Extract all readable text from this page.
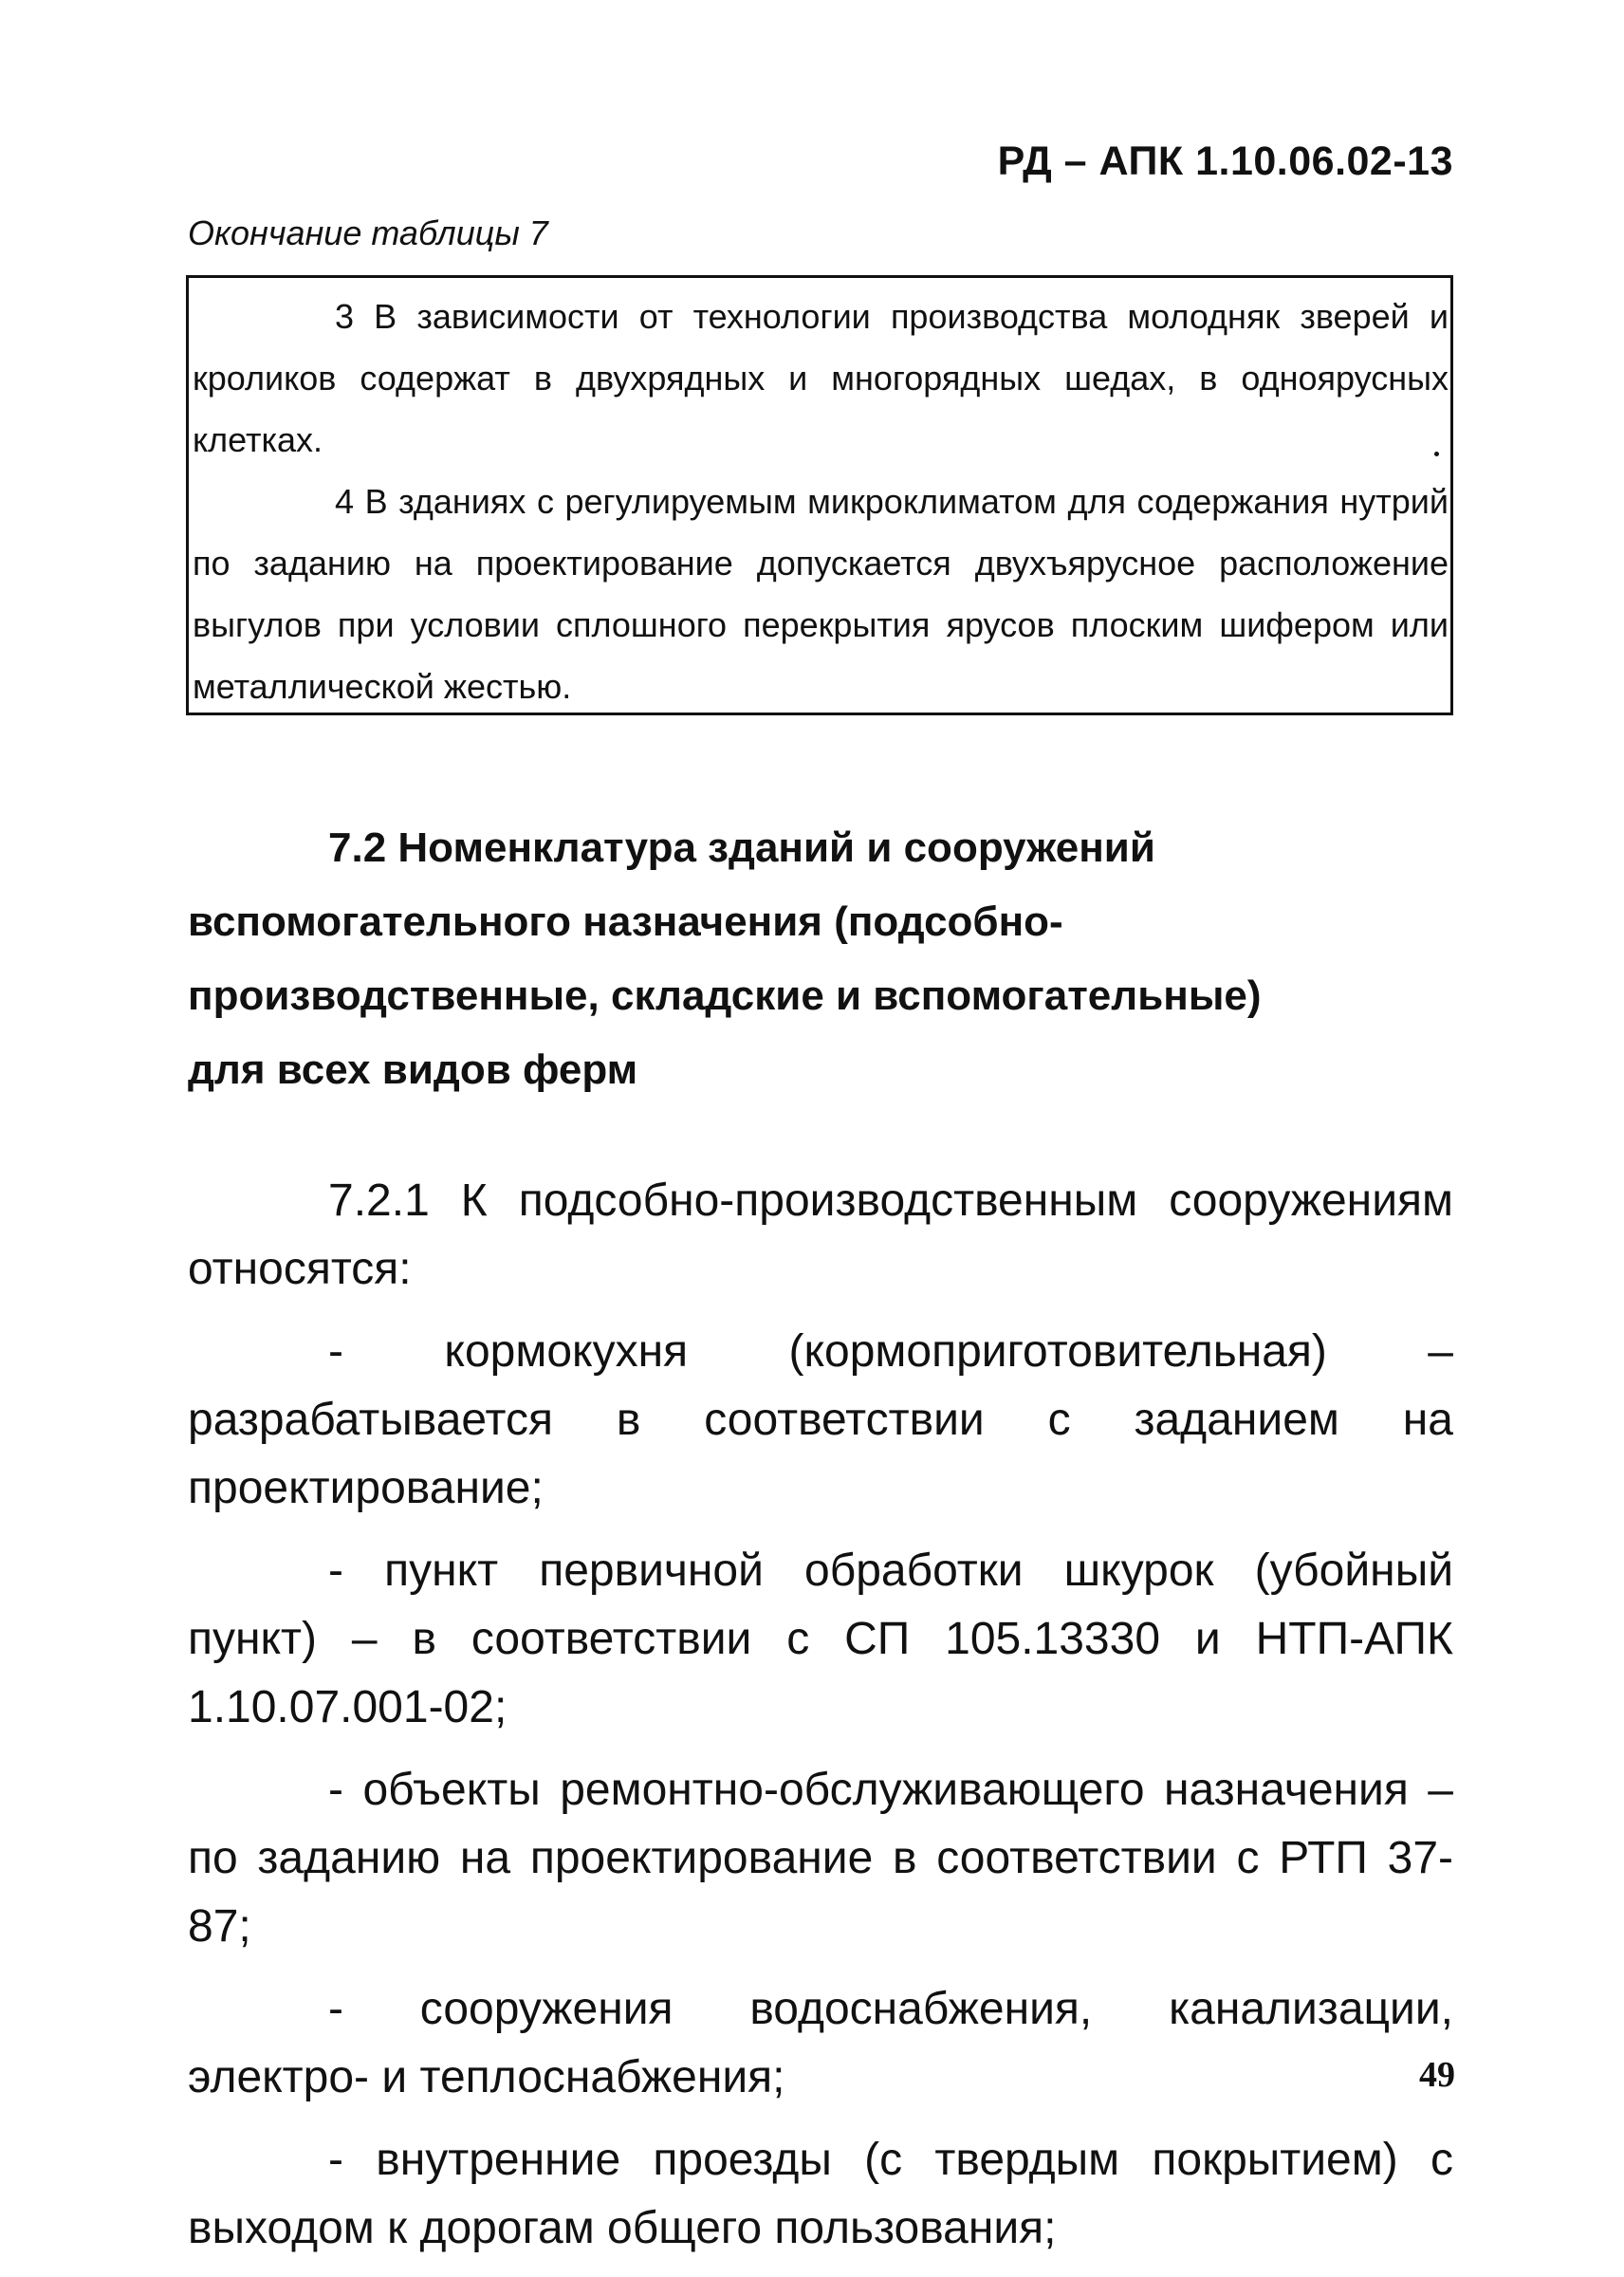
РД – АПК 1.10.06.02-13
Окончание таблицы 7

3 В зависимости от технологии производства молодняк зверей и кроликов содержат в двухрядных и многорядных шедах, в одноярусных клетках.

4 В зданиях с регулируемым микроклиматом для содержания нутрий по заданию на проектирование допускается двухъярусное расположение выгулов при условии сплошного перекрытия ярусов плоским шифером или металлической жестью.

7.2 Номенклатура зданий и сооружений
вспомогательного назначения (подсобно-
производственные, складские и вспомогательные)
для всех видов ферм

7.2.1 К подсобно-производственным сооружениям относятся:

- кормокухня (кормоприготовительная) – разрабатывается в соответствии с заданием на проектирование;

- пункт первичной обработки шкурок (убойный пункт) – в соответствии с СП 105.13330 и НТП-АПК 1.10.07.001-02;

- объекты ремонтно-обслуживающего назначения – по заданию на проектирование в соответствии с РТП 37-87;

- сооружения водоснабжения, канализации, электро- и теплоснабжения;

- внутренние проезды (с твердым покрытием) с выходом к дорогам общего пользования;

49
